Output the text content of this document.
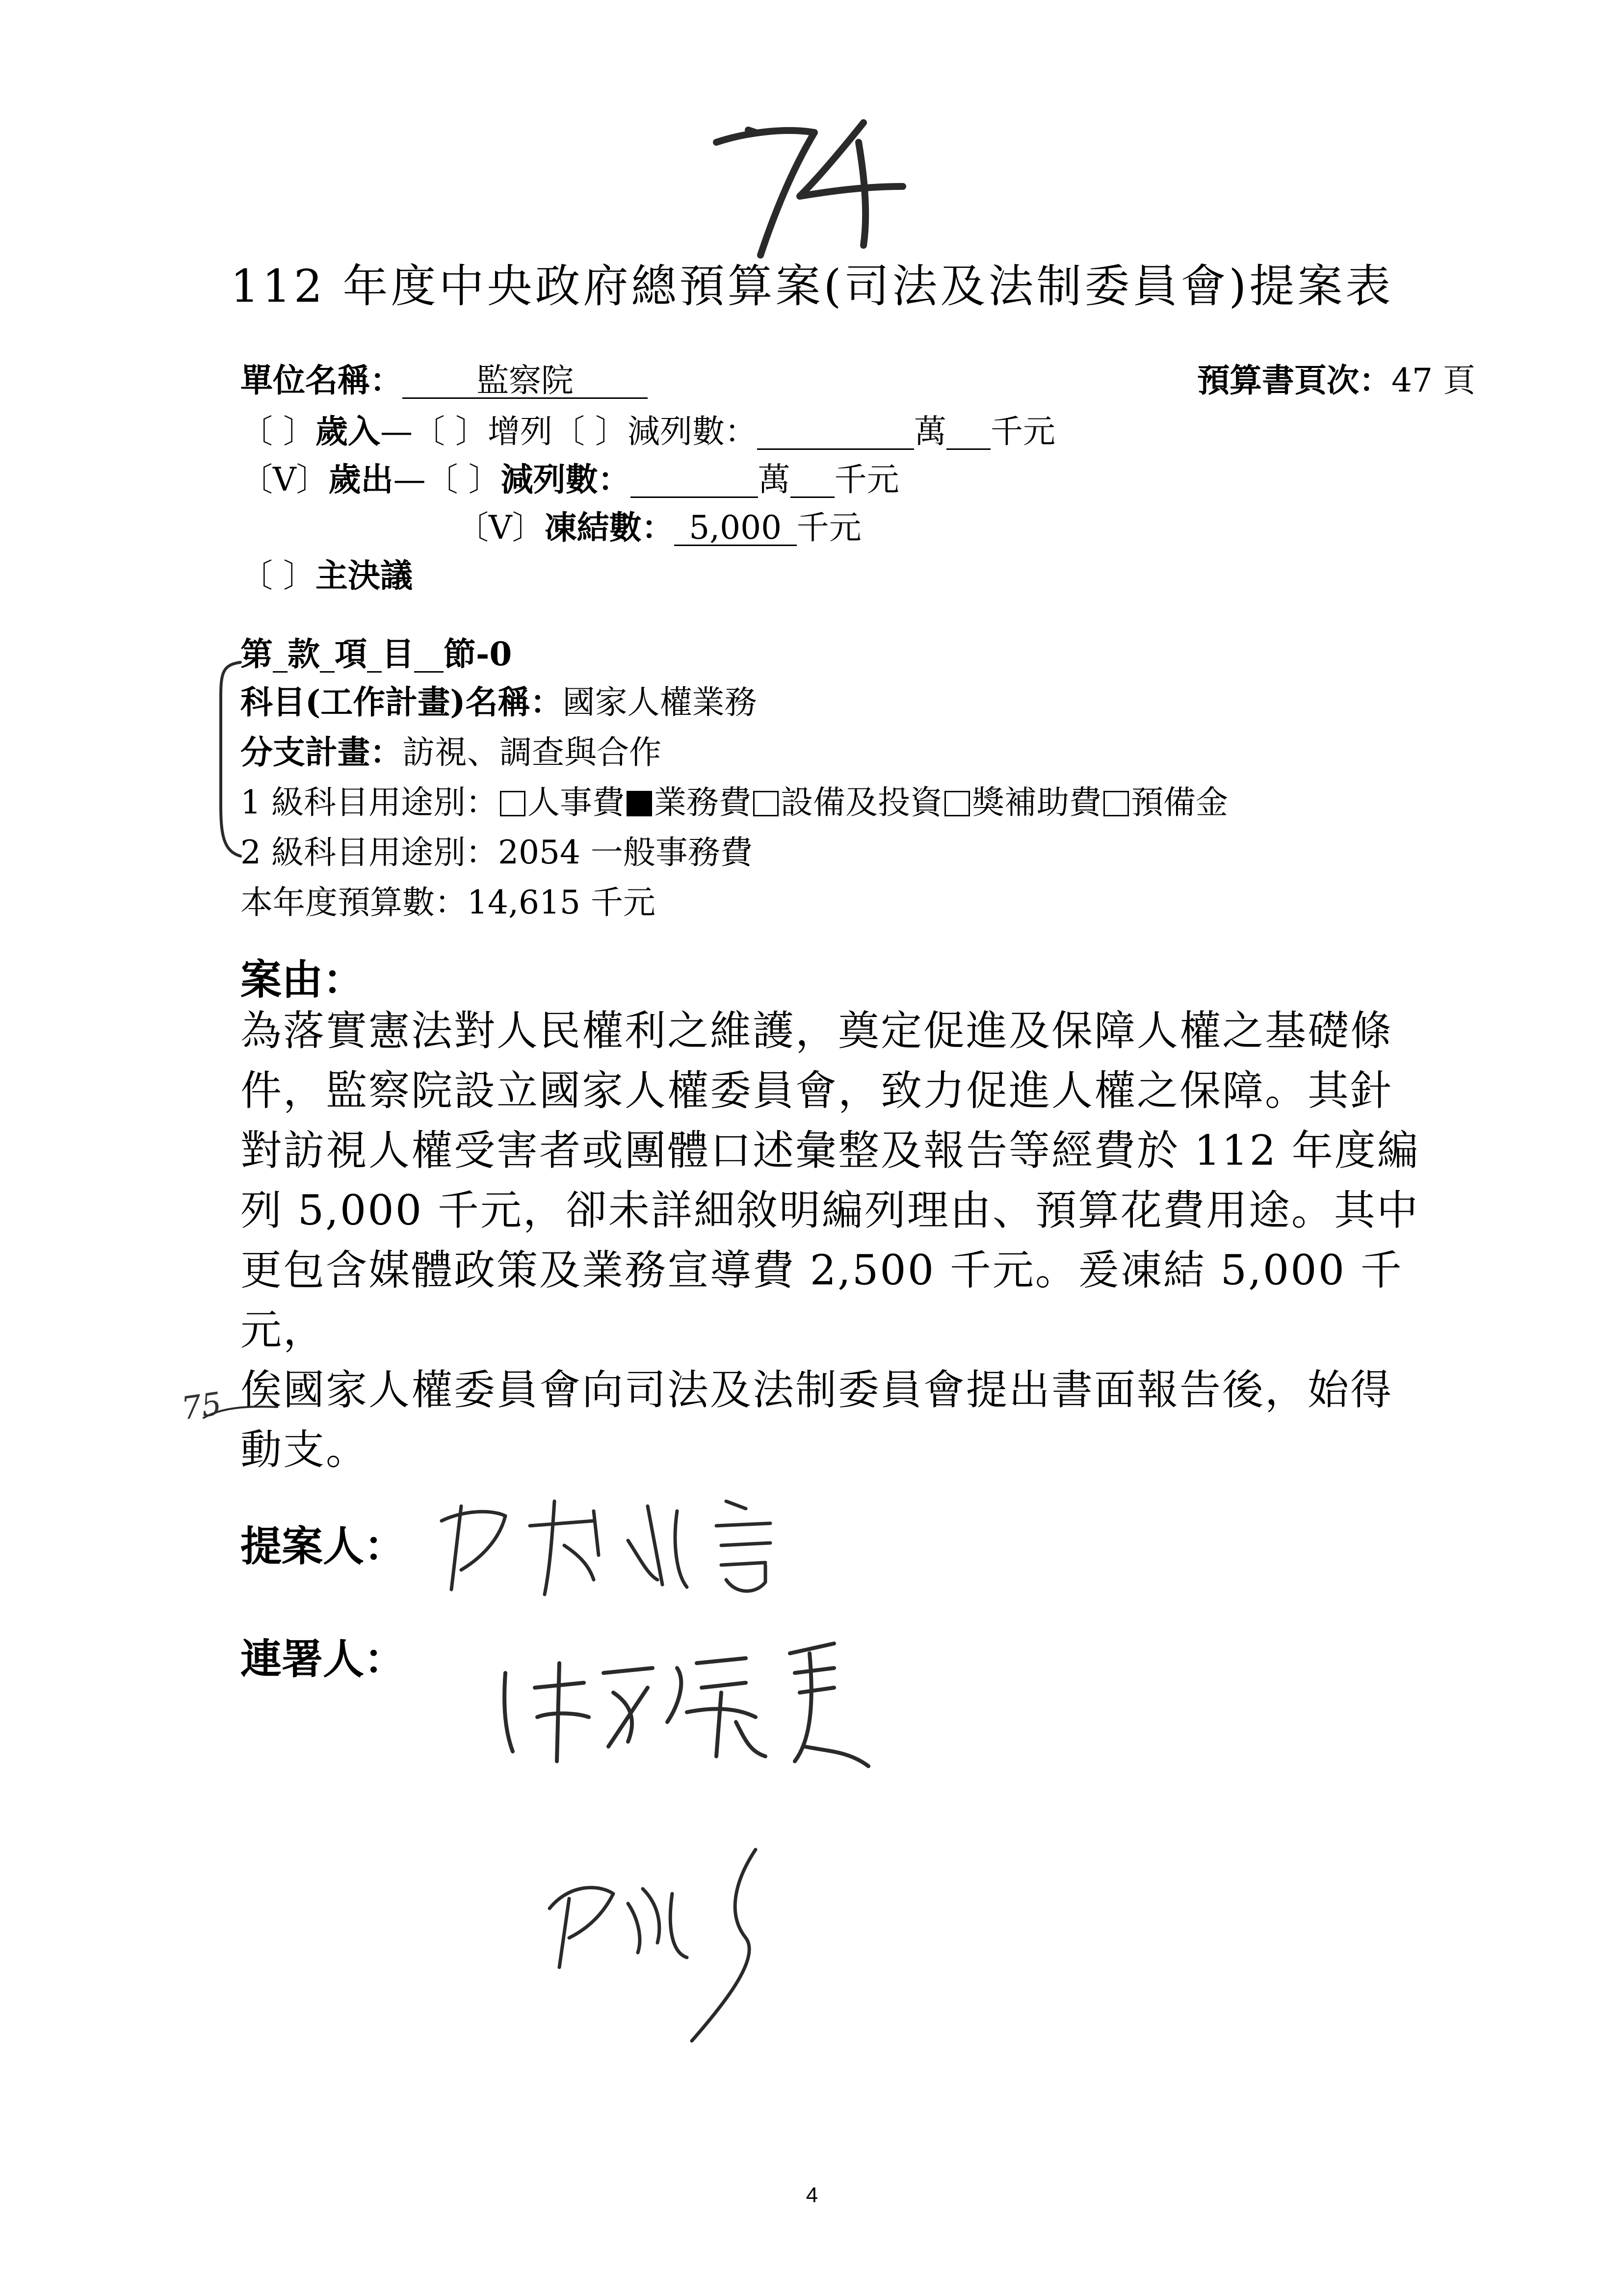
112 年度中央政府總預算案(司法及法制委員會)提案表
單位名稱： 監察院	預算書頁次：47 頁
〔 〕歲入—〔 〕增列〔 〕減列數：	萬 千元
〔V〕歲出—〔 〕減列數：	萬 千元
〔V〕凍結數： 5,000 千元
〔 〕主決議
第 款 項 目 節-0
科目(工作計畫)名稱：國家人權業務
分支計畫：訪視、調查與合作
1 級科目用途別： 人事費 業務費 設備及投資 獎補助費 預備金
2 級科目用途別：2054 一般事務費
本年度預算數：14,615 千元
案由：
為落實憲法對人民權利之維護，奠定促進及保障人權之基礎條
件，監察院設立國家人權委員會，致力促進人權之保障。其針
對訪視人權受害者或團體口述彙整及報告等經費於 112 年度編
列 5,000 千元，卻未詳細敘明編列理由、預算花費用途。其中
更包含媒體政策及業務宣導費 2,500 千元。爰凍結 5,000 千元，
俟國家人權委員會向司法及法制委員會提出書面報告後，始得
動支。
75
提案人：
連署人：
4
